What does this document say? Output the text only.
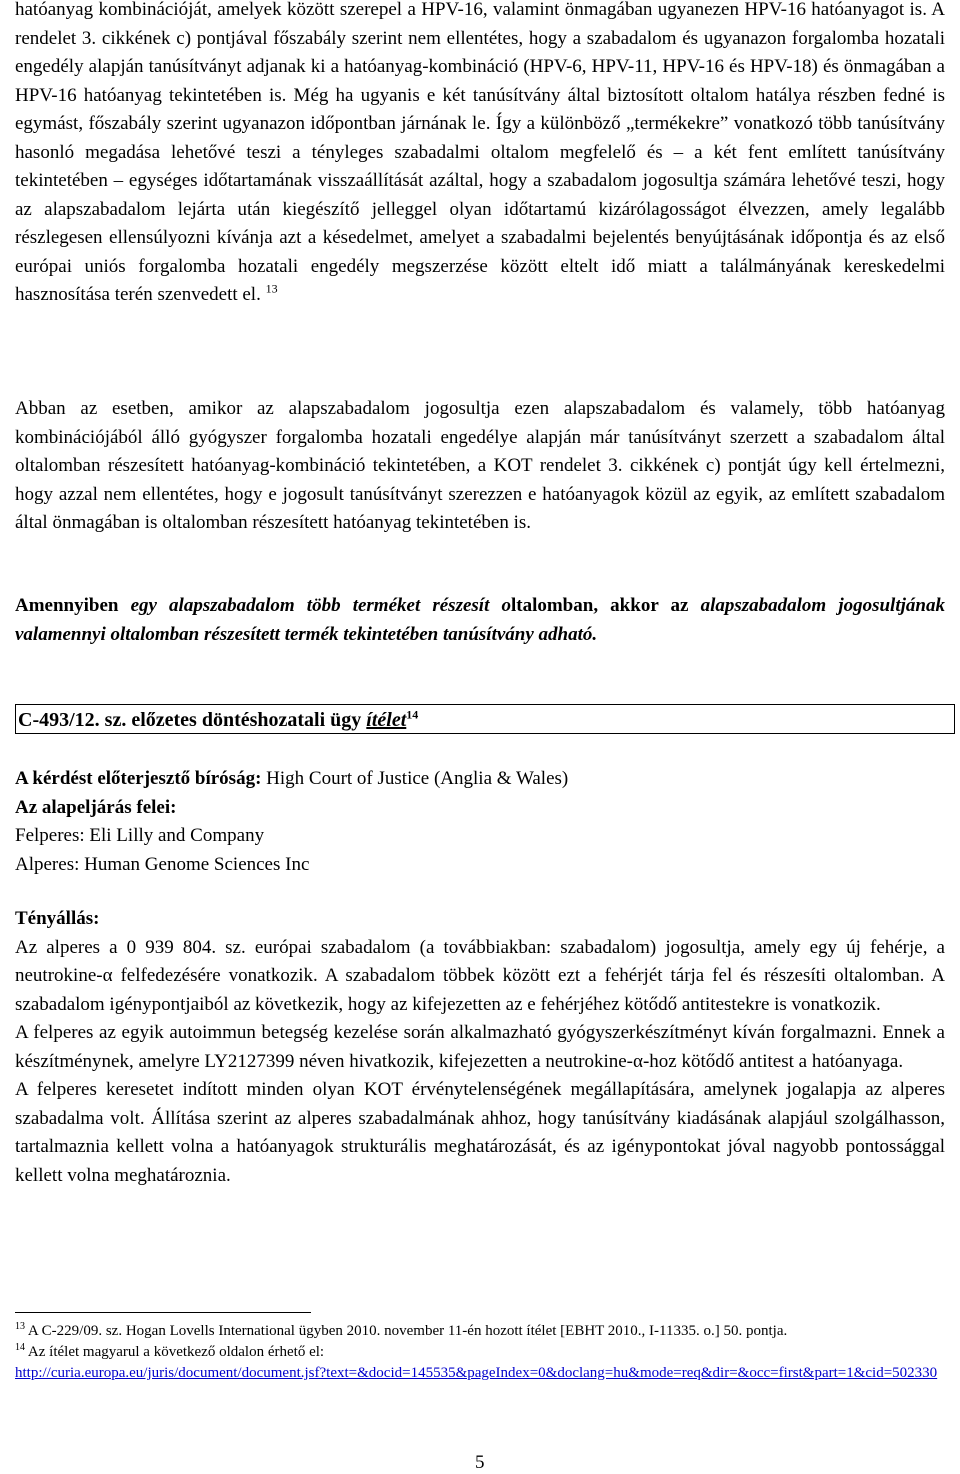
hatóanyag kombinációját, amelyek között szerepel a HPV-16, valamint önmagában ugyanezen HPV-16 hatóanyagot is. A rendelet 3. cikkének c) pontjával főszabály szerint nem ellentétes, hogy a szabadalom és ugyanazon forgalomba hozatali engedély alapján tanúsítványt adjanak ki a hatóanyag-kombináció (HPV-6, HPV-11, HPV-16 és HPV-18) és önmagában a HPV-16 hatóanyag tekintetében is. Még ha ugyanis e két tanúsítvány által biztosított oltalom hatálya részben fedné is egymást, főszabály szerint ugyanazon időpontban járnának le. Így a különböző „termékekre” vonatkozó több tanúsítvány hasonló megadása lehetővé teszi a tényleges szabadalmi oltalom megfelelő és – a két fent említett tanúsítvány tekintetében – egységes időtartamának visszaállítását azáltal, hogy a szabadalom jogosultja számára lehetővé teszi, hogy az alapszabadalom lejárta után kiegészítő jelleggel olyan időtartamú kizárólagosságot élvezzen, amely legalább részlegesen ellensúlyozni kívánja azt a késedelmet, amelyet a szabadalmi bejelentés benyújtásának időpontja és az első európai uniós forgalomba hozatali engedély megszerzése között eltelt idő miatt a találmányának kereskedelmi hasznosítása terén szenvedett el. $^{13}$

Abban az esetben, amikor az alapszabadalom jogosultja ezen alapszabadalom és valamely, több hatóanyag kombinációjából álló gyógyszer forgalomba hozatali engedélye alapján már tanúsítványt szerzett a szabadalom által oltalomban részesített hatóanyag-kombináció tekintetében, a KOT rendelet 3. cikkének c) pontját úgy kell értelmezni, hogy azzal nem ellentétes, hogy e jogosult tanúsítványt szerezzen e hatóanyagok közül az egyik, az említett szabadalom által önmagában is oltalomban részesített hatóanyag tekintetében is.

Amennyiben egy alapszabadalom több terméket részesít oltalomban, akkor az alapszabadalom jogosultjának valamennyi oltalomban részesített termék tekintetében tanúsítvány adható.

C-493/12. sz. előzetes döntéshozatali ügy ítélet$^{14}$

A kérdést előterjesztő bíróság: High Court of Justice (Anglia & Wales)

Az alapeljárás felei:

Felperes: Eli Lilly and Company

Alperes: Human Genome Sciences Inc

Tényállás:

Az alperes a 0 939 804. sz. európai szabadalom (a továbbiakban: szabadalom) jogosultja, amely egy új fehérje, a neutrokine-α felfedezésére vonatkozik. A szabadalom többek között ezt a fehérjét tárja fel és részesíti oltalomban. A szabadalom igénypontjaiból az következik, hogy az kifejezetten az e fehérjéhez kötődő antitestekre is vonatkozik.

A felperes az egyik autoimmun betegség kezelése során alkalmazható gyógyszerkészítményt kíván forgalmazni. Ennek a készítménynek, amelyre LY2127399 néven hivatkozik, kifejezetten a neutrokine-α-hoz kötődő antitest a hatóanyaga.

A felperes keresetet indított minden olyan KOT érvénytelenségének megállapítására, amelynek jogalapja az alperes szabadalma volt. Állítása szerint az alperes szabadalmának ahhoz, hogy tanúsítvány kiadásának alapjául szolgálhasson, tartalmaznia kellett volna a hatóanyagok strukturális meghatározását, és az igénypontokat jóval nagyobb pontossággal kellett volna meghatároznia.

$^{13}$ A C-229/09. sz. Hogan Lovells International ügyben 2010. november 11-én hozott ítélet [EBHT 2010., I-11335. o.] 50. pontja.

$^{14}$ Az ítélet magyarul a következő oldalon érhető el:

http://curia.europa.eu/juris/document/document.jsf?text=&docid=145535&pageIndex=0&doclang=hu&mode=req&dir=&occ=first&part=1&cid=502330

5
